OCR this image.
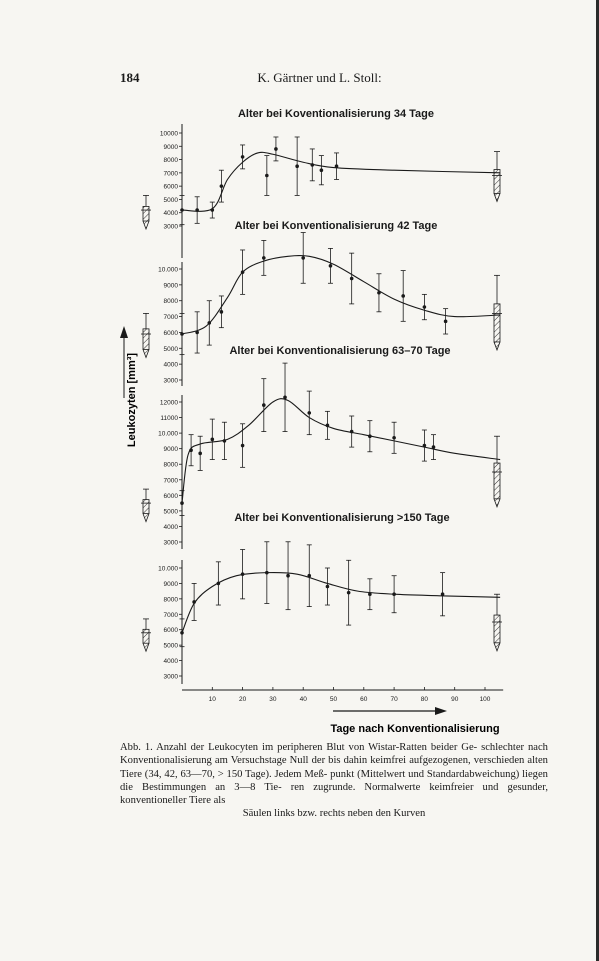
184	K. Gärtner und L. Stoll:
Alter bei Koventionalisierung 34 Tage
3000
4000
5000
6000
7000
8000
9000
10000
Alter bei Konventionalisierung 42 Tage
3000
4000
5000
6000
7000
8000
9000
10.000
Alter bei Konventionalisierung 63–70 Tage
3000
4000
5000
6000
7000
8000
9000
10.000
11000
12000
Alter bei Konventionalisierung >150 Tage
3000
4000
5000
6000
7000
8000
9000
10.000
Leukozyten [mm³]
10	20	30	40	50	60	70	80	90	100
Tage nach Konventionalisierung
Abb. 1. Anzahl der Leukocyten im peripheren Blut von Wistar-Ratten beider Ge- schlechter nach Konventionalisierung am Versuchstage Null der bis dahin keimfrei aufgezogenen, verschieden alten Tiere (34, 42, 63—70, > 150 Tage). Jedem Meß- punkt (Mittelwert und Standardabweichung) liegen die Bestimmungen an 3—8 Tie- ren zugrunde. Normalwerte keimfreier und gesunder, konventioneller Tiere als
Säulen links bzw. rechts neben den Kurven
